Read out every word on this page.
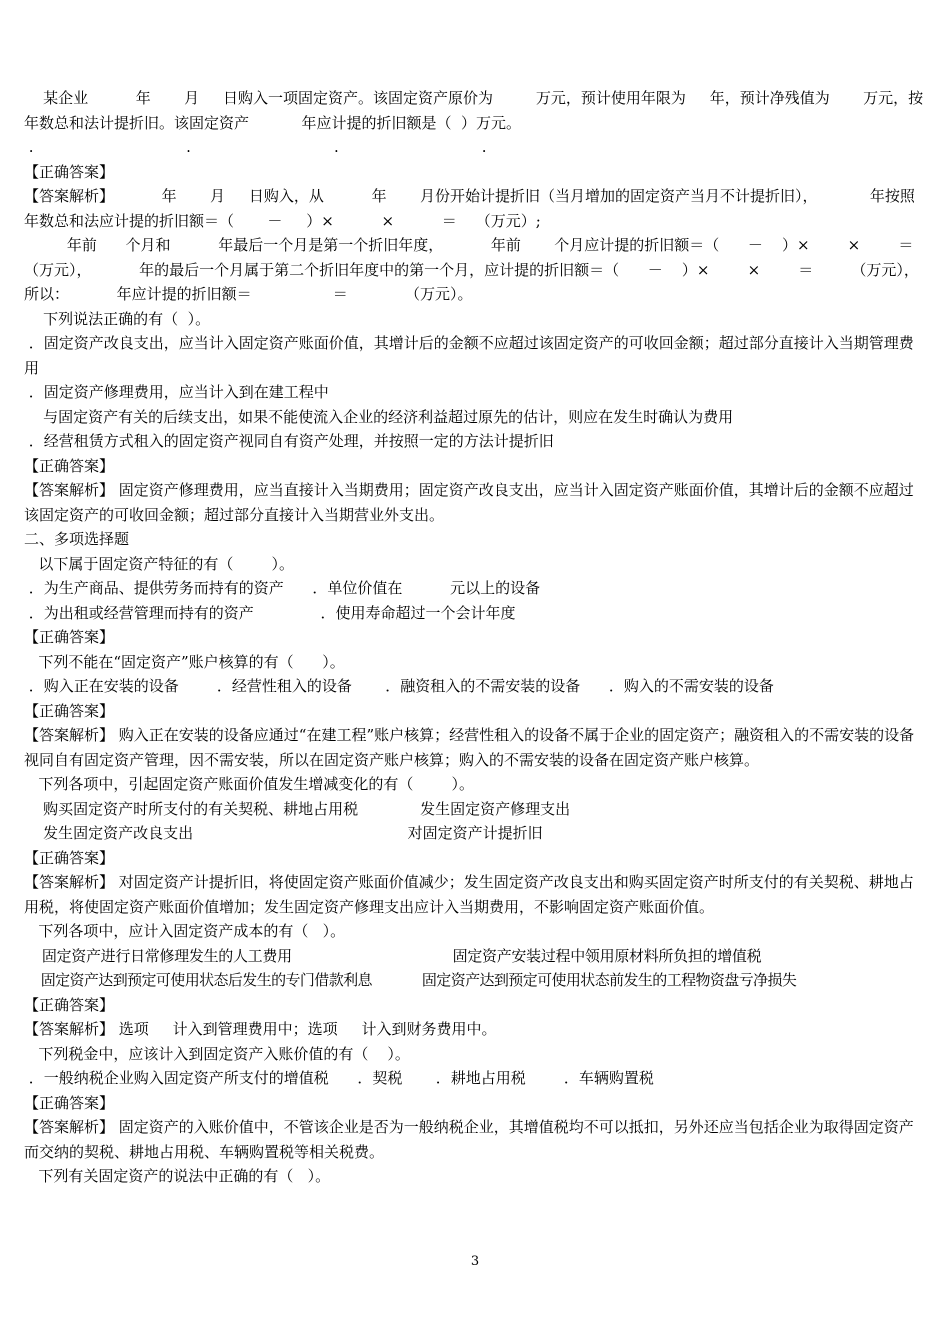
某企业          年       月     日购入一项固定资产。该固定资产原价为         万元，预计使用年限为     年，预计净残值为       万元，按年数总和法计提折旧。该固定资产           年应计提的折旧额是（  ）万元。

.                                .                              .                              .

【正确答案】

【答案解析】          年       月     日购入，从          年       月份开始计提折旧（当月增加的固定资产当月不计提折旧），           年按照年数总和法应计提的折旧额＝（       －     ）×          ×          ＝    （万元）;

年前      个月和          年最后一个月是第一个折旧年度，          年前       个月应计提的折旧额＝（      －    ）×        ×        ＝     （万元），          年的最后一个月属于第二个折旧年度中的第一个月，应计提的折旧额＝（      －    ）×        ×        ＝        （万元），所以：          年应计提的折旧额＝                 ＝            （万元）。

下列说法正确的有（  ）。

．固定资产改良支出，应当计入固定资产账面价值，其增计后的金额不应超过该固定资产的可收回金额；超过部分直接计入当期管理费用

．固定资产修理费用，应当计入到在建工程中

与固定资产有关的后续支出，如果不能使流入企业的经济利益超过原先的估计，则应在发生时确认为费用

．经营租赁方式租入的固定资产视同自有资产处理，并按照一定的方法计提折旧

【正确答案】

【答案解析】 固定资产修理费用，应当直接计入当期费用；固定资产改良支出，应当计入固定资产账面价值，其增计后的金额不应超过该固定资产的可收回金额；超过部分直接计入当期营业外支出。

二、多项选择题

以下属于固定资产特征的有（        ）。

．为生产商品、提供劳务而持有的资产      ．单位价值在          元以上的设备

．为出租或经营管理而持有的资产              ．使用寿命超过一个会计年度

【正确答案】

下列不能在“固定资产”账户核算的有（      ）。

．购入正在安装的设备        ．经营性租入的设备       ．融资租入的不需安装的设备      ．购入的不需安装的设备

【正确答案】

【答案解析】 购入正在安装的设备应通过“在建工程”账户核算；经营性租入的设备不属于企业的固定资产；融资租入的不需安装的设备视同自有固定资产管理，因不需安装，所以在固定资产账户核算；购入的不需安装的设备在固定资产账户核算。

下列各项中，引起固定资产账面价值发生增减变化的有（        ）。

购买固定资产时所支付的有关契税、耕地占用税             发生固定资产修理支出

发生固定资产改良支出                                             对固定资产计提折旧

【正确答案】

【答案解析】 对固定资产计提折旧，将使固定资产账面价值减少；发生固定资产改良支出和购买固定资产时所支付的有关契税、耕地占用税，将使固定资产账面价值增加；发生固定资产修理支出应计入当期费用，不影响固定资产账面价值。

下列各项中，应计入固定资产成本的有（   ）。

固定资产进行日常修理发生的人工费用                                    固定资产安装过程中领用原材料所负担的增值税

固定资产达到预定可使用状态后发生的专门借款利息            固定资产达到预定可使用状态前发生的工程物资盘亏净损失

【正确答案】

【答案解析】 选项     计入到管理费用中；选项     计入到财务费用中。

下列税金中，应该计入到固定资产入账价值的有（    ）。

．一般纳税企业购入固定资产所支付的增值税      ．契税       ．耕地占用税        ．车辆购置税

【正确答案】

【答案解析】 固定资产的入账价值中，不管该企业是否为一般纳税企业，其增值税均不可以抵扣，另外还应当包括企业为取得固定资产而交纳的契税、耕地占用税、车辆购置税等相关税费。

下列有关固定资产的说法中正确的有（   ）。

3
